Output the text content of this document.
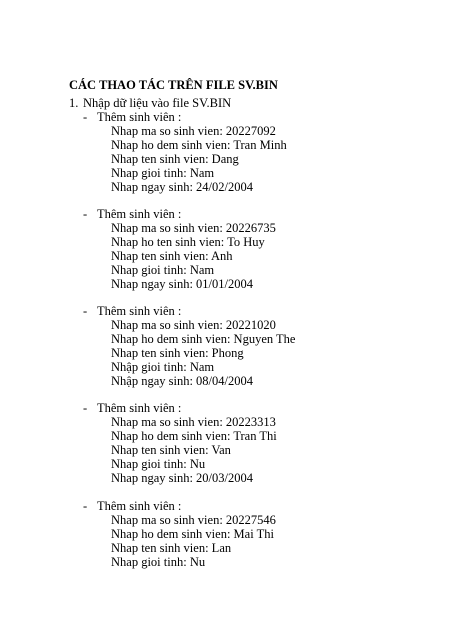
CÁC THAO TÁC TRÊN FILE SV.BIN
1. Nhập dữ liệu vào file SV.BIN
- Thêm sinh viên :
Nhap ma so sinh vien: 20227092
Nhap ho dem sinh vien: Tran Minh
Nhap ten sinh vien: Dang
Nhap gioi tinh: Nam
Nhap ngay sinh: 24/02/2004
- Thêm sinh viên :
Nhap ma so sinh vien: 20226735
Nhap ho ten sinh vien: To Huy
Nhap ten sinh vien: Anh
Nhap gioi tinh: Nam
Nhap ngay sinh: 01/01/2004
- Thêm sinh viên :
Nhap ma so sinh vien: 20221020
Nhap ho dem sinh vien: Nguyen The
Nhap ten sinh vien: Phong
Nhập gioi tinh: Nam
Nhập ngay sinh: 08/04/2004
- Thêm sinh viên :
Nhap ma so sinh vien: 20223313
Nhap ho dem sinh vien: Tran Thi
Nhap ten sinh vien: Van
Nhap gioi tinh: Nu
Nhap ngay sinh: 20/03/2004
- Thêm sinh viên :
Nhap ma so sinh vien: 20227546
Nhap ho dem sinh vien: Mai Thi
Nhap ten sinh vien: Lan
Nhap gioi tinh: Nu
